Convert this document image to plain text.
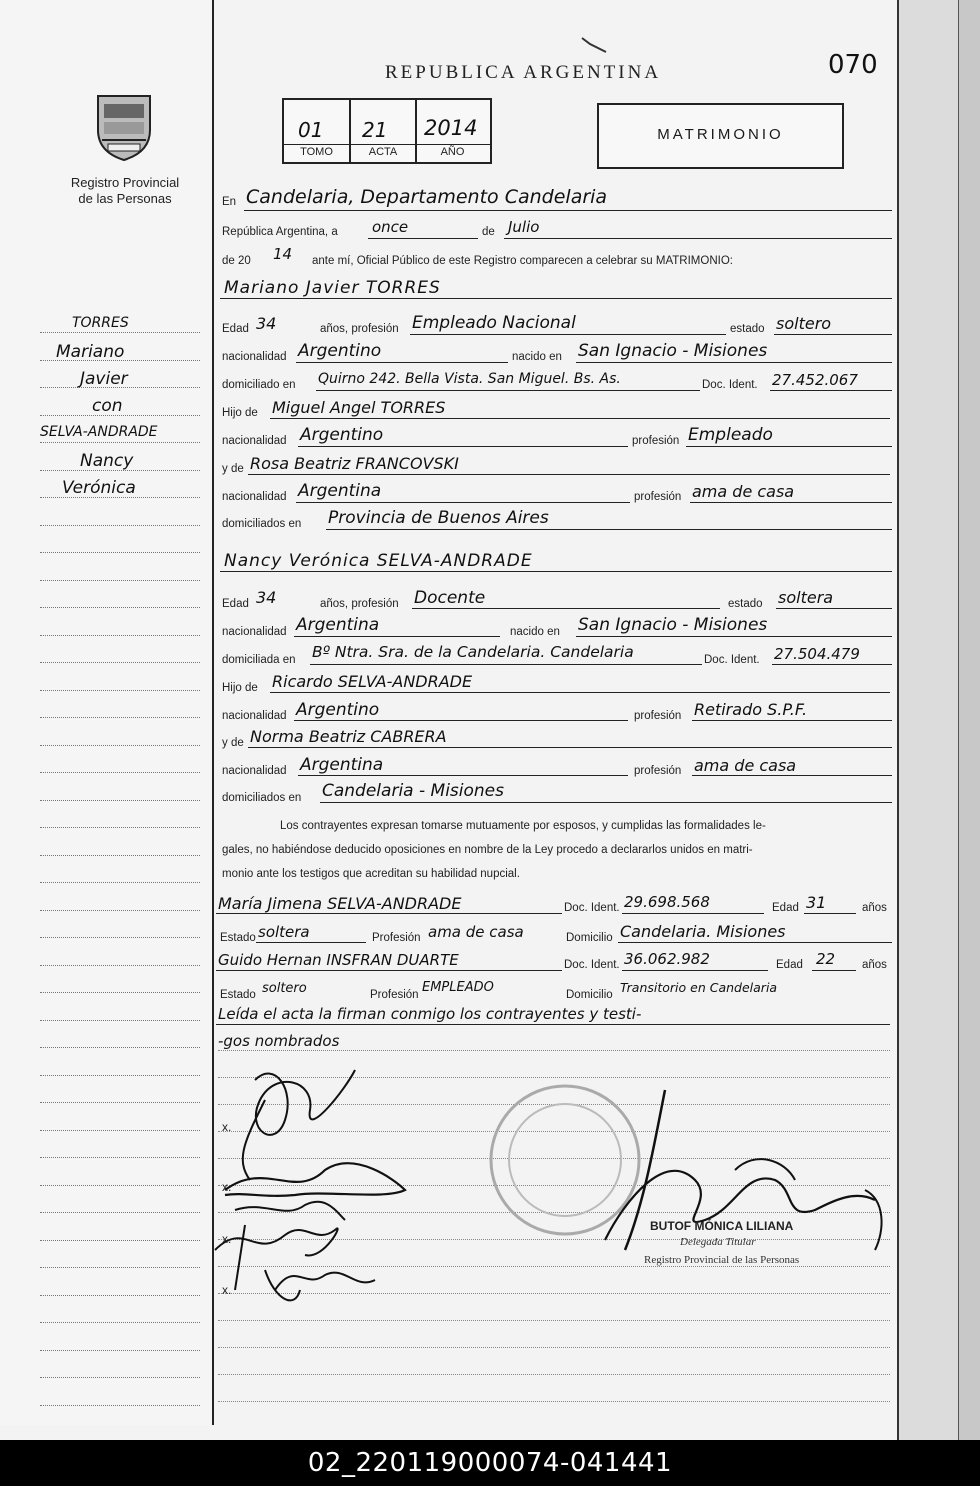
Registro Provincial
de las Personas
REPUBLICA ARGENTINA	070
01 21 2014
TOMO	ACTA	AÑO
MATRIMONIO
TORRES
Mariano
Javier
con
SELVA-ANDRADE
Nancy
Verónica
En Candelaria, Departamento Candelaria
República Argentina, a once	de Julio
de 20 14 ante mí, Oficial Público de este Registro comparecen a celebrar su MATRIMONIO:
Mariano Javier TORRES
Edad 34	años, profesión Empleado Nacional	estado soltero
nacionalidad Argentino	nacido en San Ignacio - Misiones
domiciliado en Quirno 242. Bella Vista. San Miguel. Bs. As.	Doc. Ident. 27.452.067
Hijo de Miguel Angel TORRES
nacionalidad Argentino	profesión Empleado
y de Rosa Beatriz FRANCOVSKI
nacionalidad Argentina	profesión ama de casa
domiciliados en Provincia de Buenos Aires
Nancy Verónica SELVA-ANDRADE
Edad 34	años, profesión Docente	estado soltera
nacionalidad Argentina	nacido en San Ignacio - Misiones
domiciliada en Bº Ntra. Sra. de la Candelaria. Candelaria	Doc. Ident. 27.504.479
Hijo de Ricardo SELVA-ANDRADE
nacionalidad Argentino	profesión Retirado S.P.F.
y de Norma Beatriz CABRERA
nacionalidad Argentina	profesión ama de casa
domiciliados en Candelaria - Misiones
Los contrayentes expresan tomarse mutuamente por esposos, y cumplidas las formalidades le-
gales, no habiéndose deducido oposiciones en nombre de la Ley procedo a declararlos unidos en matri-
monio ante los testigos que acreditan su habilidad nupcial.
María Jimena SELVA-ANDRADE	Doc. Ident. 29.698.568	Edad 31	años
Estado soltera	Profesión ama de casa	Domicilio Candelaria. Misiones
Guido Hernan INSFRAN DUARTE	Doc. Ident. 36.062.982	Edad 22 años
Estado soltero	Profesión EMPLEADO	Domicilio Transitorio en Candelaria
Leída el acta la firman conmigo los contrayentes y testi-
-gos nombrados
x.
x.
x.
x.
BUTOF MÓNICA LILIANA
Delegada Titular
Registro Provincial de las Personas
02_220119000074-041441
